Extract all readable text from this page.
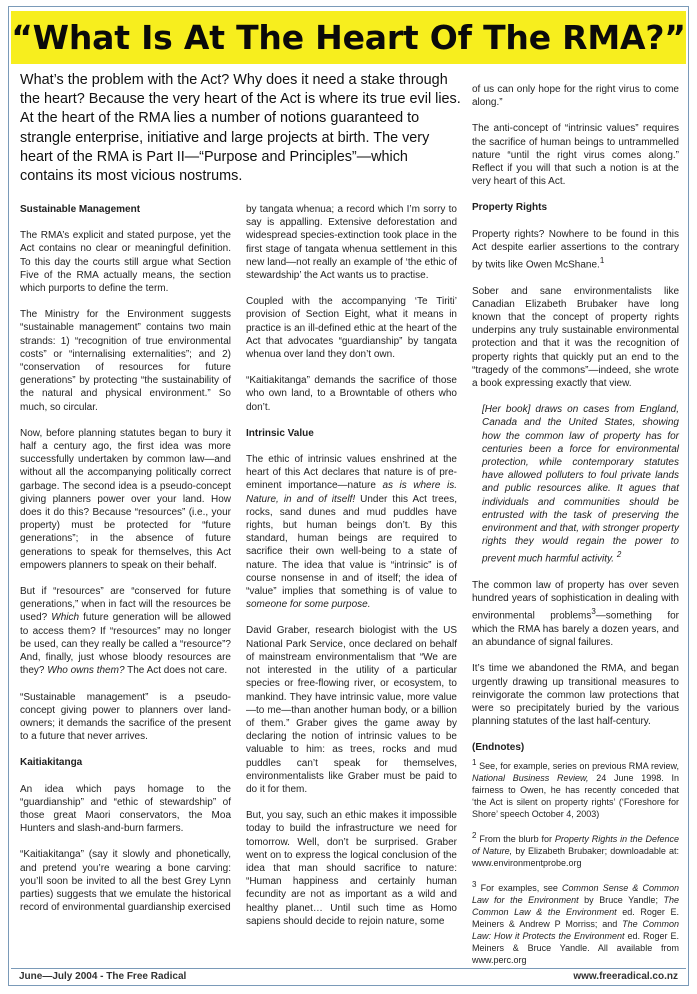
“What Is At The Heart Of The RMA?”
What’s the problem with the Act? Why does it need a stake through the heart? Because the very heart of the Act is where its true evil lies. At the heart of the RMA lies a number of notions guaranteed to strangle enterprise, initiative and large projects at birth. The very heart of the RMA is Part II—“Purpose and Principles”—which contains its most vicious nostrums.
Sustainable Management

The RMA’s explicit and stated purpose, yet the Act contains no clear or meaningful definition. To this day the courts still argue what Section Five of the RMA actually means, the section which purports to define the term.

The Ministry for the Environment suggests “sustainable management” contains two main strands: 1) “recognition of true environmental costs” or “internalising externalities”; and 2) “conservation of resources for future generations” by protecting “the sustainability of the natural and physical environment.” So much, so circular.

Now, before planning statutes began to bury it half a century ago, the first idea was more successfully undertaken by common law—and without all the accompanying politically correct garbage. The second idea is a pseudo-concept giving planners power over your land. How does it do this? Because “resources” (i.e., your property) must be protected for “future generations”; in the absence of future generations to speak for themselves, this Act empowers planners to speak on their behalf.

But if “resources” are “conserved for future generations,” when in fact will the resources be used? Which future generation will be allowed to access them? If “resources” may no longer be used, can they really be called a “resource”? And, finally, just whose bloody resources are they? Who owns them? The Act does not care.

“Sustainable management” is a pseudo-concept giving power to planners over land-owners; it demands the sacrifice of the present to a future that never arrives.

Kaitiakitanga

An idea which pays homage to the “guardianship” and “ethic of stewardship” of those great Maori conservators, the Moa Hunters and slash-and-burn farmers.

“Kaitiakitanga” (say it slowly and phonetically, and pretend you’re wearing a bone carving: you’ll soon be invited to all the best Grey Lynn parties) suggests that we emulate the historical record of environmental guardianship exercised

by tangata whenua; a record which I’m sorry to say is appalling. Extensive deforestation and widespread species-extinction took place in the first stage of tangata whenua settlement in this new land—not really an example of ‘the ethic of stewardship’ the Act wants us to practise.

Coupled with the accompanying ‘Te Tiriti’ provision of Section Eight, what it means in practice is an ill-defined ethic at the heart of the Act that advocates “guardianship” by tangata whenua over land they don’t own.

“Kaitiakitanga” demands the sacrifice of those who own land, to a Browntable of others who don’t.

Intrinsic Value

The ethic of intrinsic values enshrined at the heart of this Act declares that nature is of pre-eminent importance—nature as is where is. Nature, in and of itself! Under this Act trees, rocks, sand dunes and mud puddles have rights, but human beings don’t. By this standard, human beings are required to sacrifice their own well-being to a state of nature. The idea that value is “intrinsic” is of course nonsense in and of itself; the idea of “value” implies that something is of value to someone for some purpose.

David Graber, research biologist with the US National Park Service, once declared on behalf of mainstream environmentalism that “We are not interested in the utility of a particular species or free-flowing river, or ecosystem, to mankind. They have intrinsic value, more value—to me—than another human body, or a billion of them.” Graber gives the game away by declaring the notion of intrinsic values to be valuable to him: as trees, rocks and mud puddles can’t speak for themselves, environmentalists like Graber must be paid to do it for them.

But, you say, such an ethic makes it impossible today to build the infrastructure we need for tomorrow. Well, don’t be surprised. Graber went on to express the logical conclusion of the idea that man should sacrifice to nature: “Human happiness and certainly human fecundity are not as important as a wild and healthy planet… Until such time as Homo sapiens should decide to rejoin nature, some

of us can only hope for the right virus to come along.”

The anti-concept of “intrinsic values” requires the sacrifice of human beings to untrammelled nature “until the right virus comes along.” Reflect if you will that such a notion is at the very heart of this Act.

Property Rights

Property rights? Nowhere to be found in this Act despite earlier assertions to the contrary by twits like Owen McShane.$^1$

Sober and sane environmentalists like Canadian Elizabeth Brubaker have long known that the concept of property rights underpins any truly sustainable environmental protection and that it was the recognition of property rights that quickly put an end to the “tragedy of the commons”—indeed, she wrote a book expressing exactly that view.

[Her book] draws on cases from England, Canada and the United States, showing how the common law of property has for centuries been a force for environmental protection, while contemporary statutes have allowed polluters to foul private lands and public resources alike. It agues that individuals and communities should be entrusted with the task of preserving the environment and that, with stronger property rights they would regain the power to prevent much harmful activity. $^2$

The common law of property has over seven hundred years of sophistication in dealing with environmental problems$^3$—something for which the RMA has barely a dozen years, and an abundance of signal failures.

It’s time we abandoned the RMA, and began urgently drawing up transitional measures to reinvigorate the common law protections that were so precipitately buried by the various planning statutes of the last half-century.

(Endnotes)

$^1$ See, for example, series on previous RMA review, National Business Review, 24 June 1998. In fairness to Owen, he has recently conceded that ‘the Act is silent on property rights’ (‘Foreshore for Shore’ speech October 4, 2003)

$^2$ From the blurb for Property Rights in the Defence of Nature, by Elizabeth Brubaker; downloadable at: www.environmentprobe.org

$^3$ For examples, see Common Sense & Common Law for the Environment by Bruce Yandle; The Common Law & the Environment ed. Roger E. Meiners & Andrew P Morriss; and The Common Law: How it Protects the Environment ed. Roger E. Meiners & Bruce Yandle. All available from www.perc.org

June—July 2004 - The Free Radical	www.freeradical.co.nz
